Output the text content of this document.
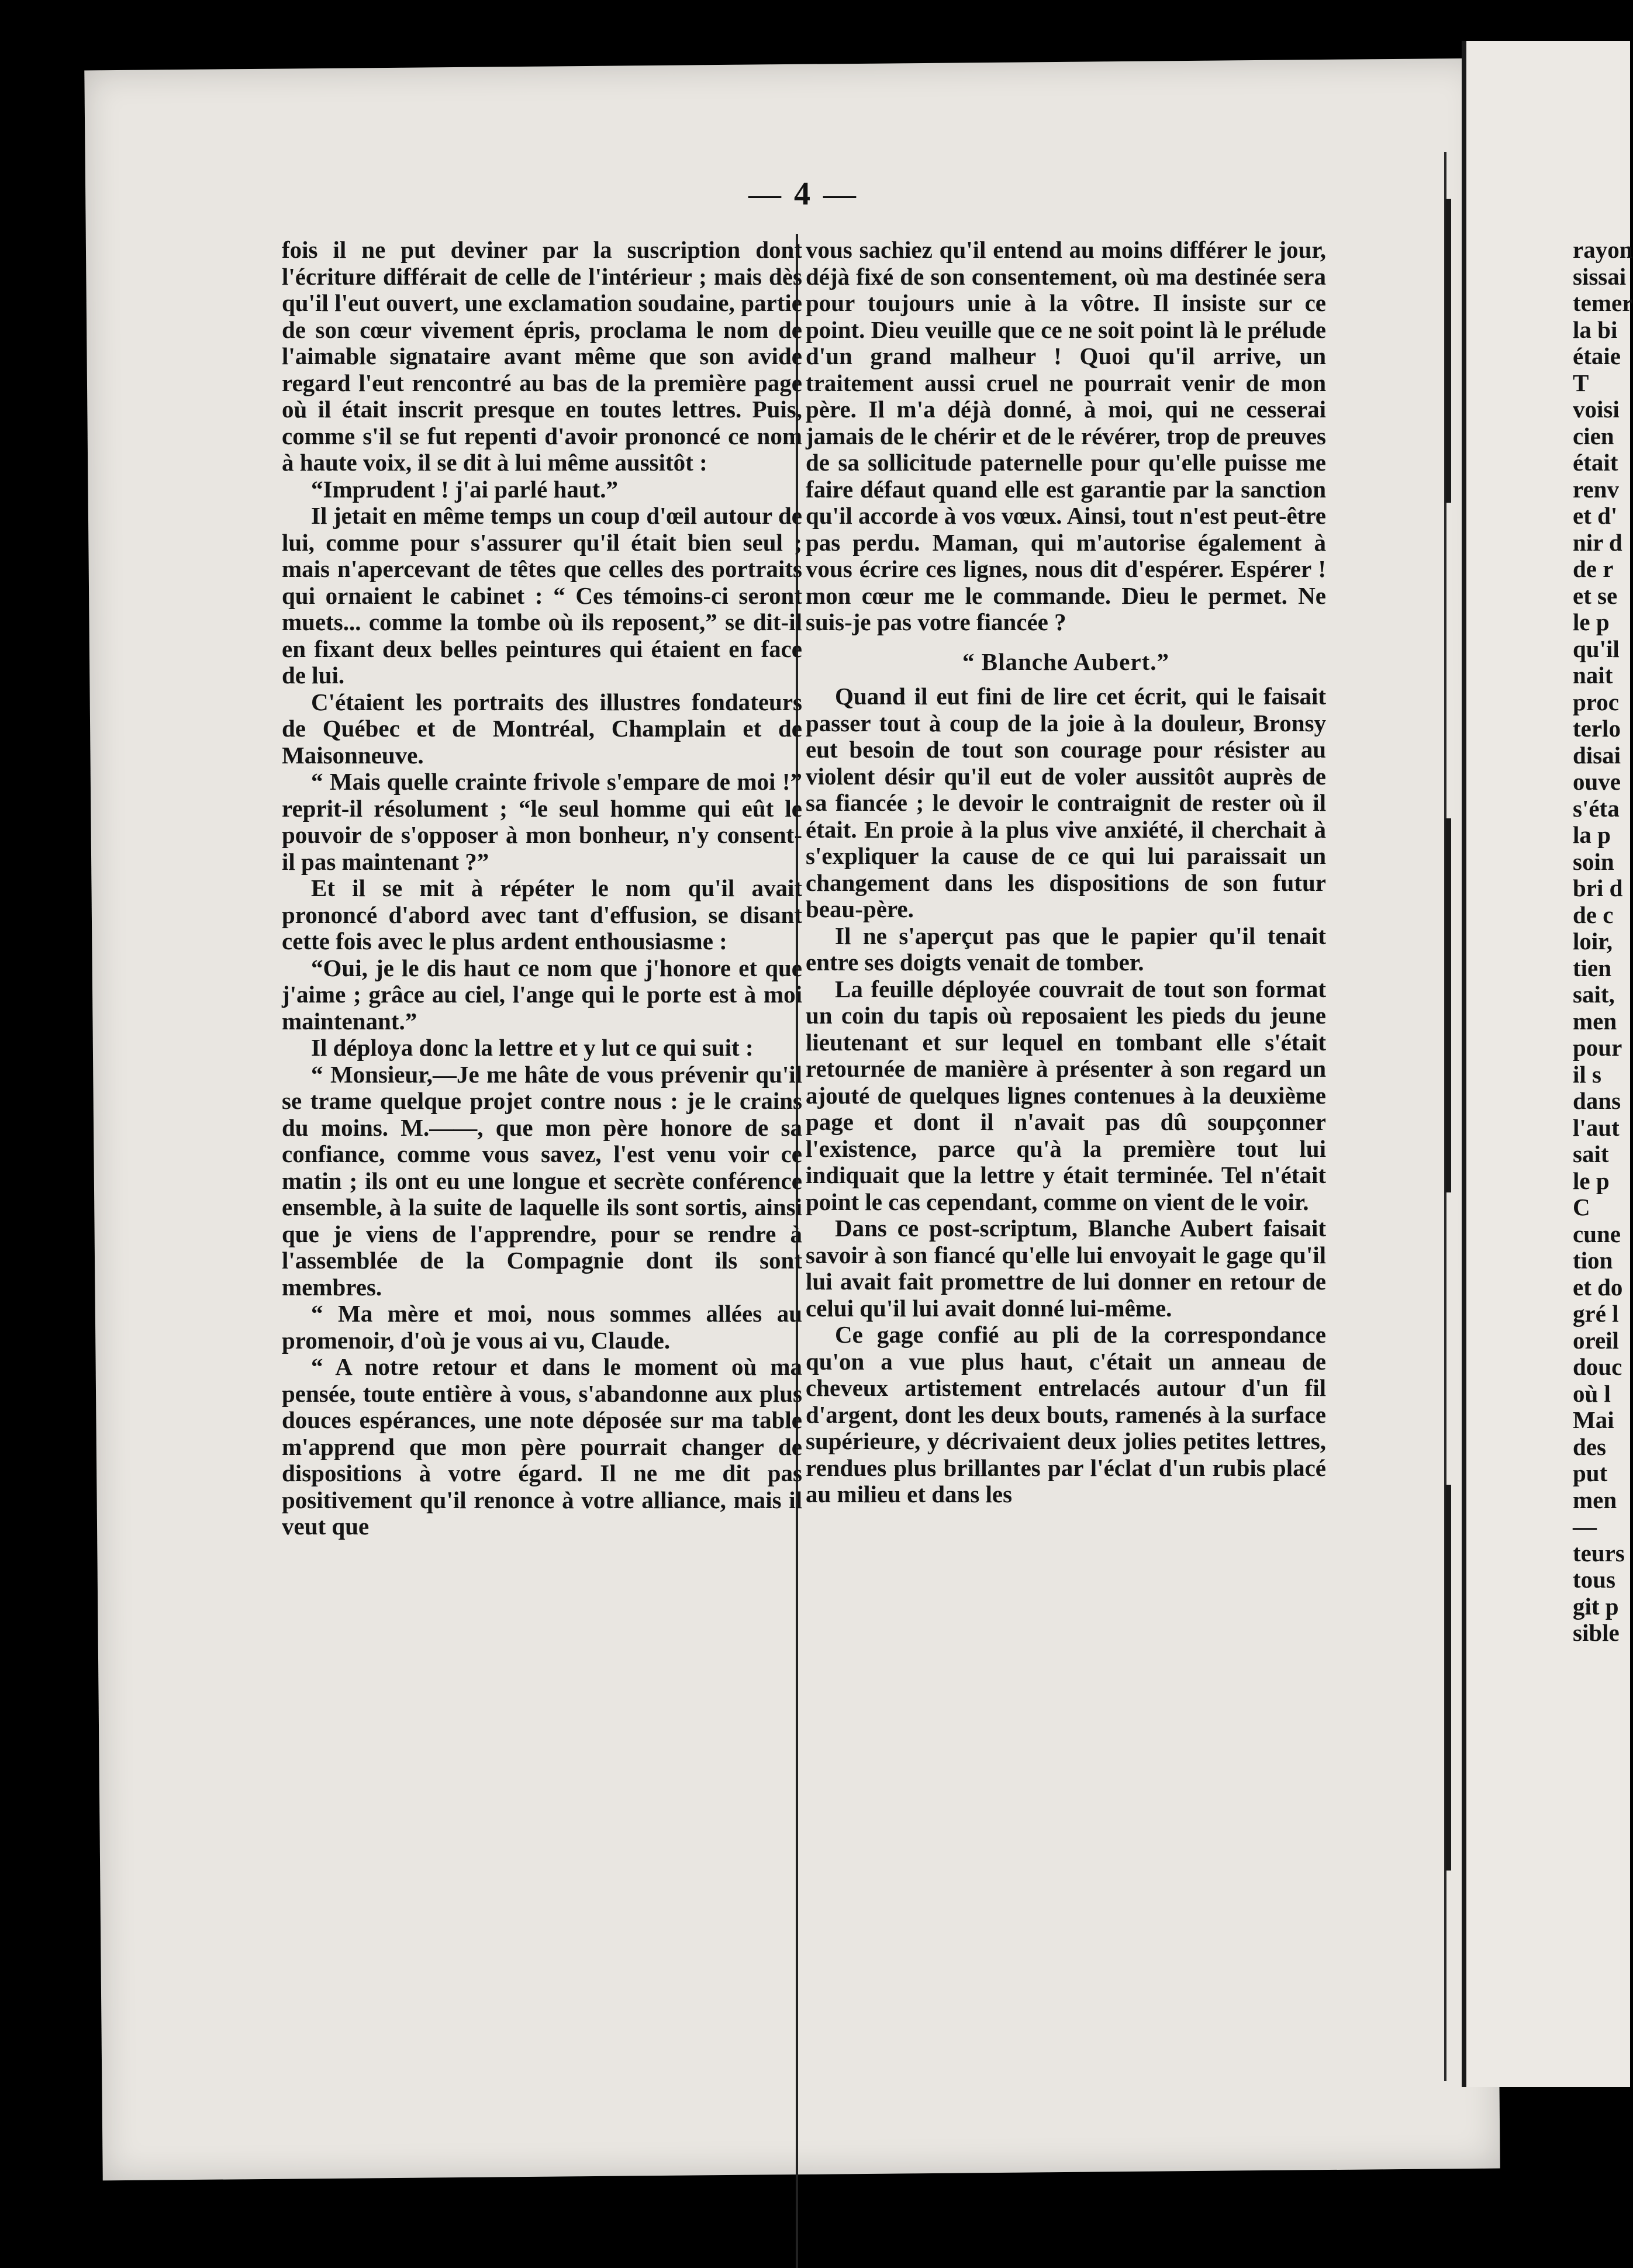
— 4 —

fois il ne put deviner par la suscription dont l'écriture différait de celle de l'intérieur ; mais dès qu'il l'eut ouvert, une exclamation soudaine, partie de son cœur vivement épris, proclama le nom de l'aimable signataire avant même que son avide regard l'eut rencontré au bas de la première page où il était inscrit presque en toutes lettres. Puis, comme s'il se fut repenti d'avoir prononcé ce nom à haute voix, il se dit à lui même aussitôt :

“Imprudent ! j'ai parlé haut.”

Il jetait en même temps un coup d'œil autour de lui, comme pour s'assurer qu'il était bien seul ; mais n'apercevant de têtes que celles des portraits qui ornaient le cabinet : “ Ces témoins-ci seront muets... comme la tombe où ils reposent,” se dit-il en fixant deux belles peintures qui étaient en face de lui.

C'étaient les portraits des illustres fondateurs de Québec et de Montréal, Champlain et de Maisonneuve.

“ Mais quelle crainte frivole s'empare de moi !” reprit-il résolument ; “le seul homme qui eût le pouvoir de s'opposer à mon bonheur, n'y consent-il pas maintenant ?”

Et il se mit à répéter le nom qu'il avait prononcé d'abord avec tant d'effusion, se disant cette fois avec le plus ardent enthousiasme :

“Oui, je le dis haut ce nom que j'honore et que j'aime ; grâce au ciel, l'ange qui le porte est à moi maintenant.”

Il déploya donc la lettre et y lut ce qui suit :

“ Monsieur,—Je me hâte de vous prévenir qu'il se trame quelque projet contre nous : je le crains du moins. M.——, que mon père honore de sa confiance, comme vous savez, l'est venu voir ce matin ; ils ont eu une longue et secrète conférence ensemble, à la suite de laquelle ils sont sortis, ainsi que je viens de l'apprendre, pour se rendre à l'assemblée de la Compagnie dont ils sont membres.

“ Ma mère et moi, nous sommes allées au promenoir, d'où je vous ai vu, Claude.

“ A notre retour et dans le moment où ma pensée, toute entière à vous, s'abandonne aux plus douces espérances, une note déposée sur ma table m'apprend que mon père pourrait changer de dispositions à votre égard. Il ne me dit pas positivement qu'il renonce à votre alliance, mais il veut que

vous sachiez qu'il entend au moins différer le jour, déjà fixé de son consentement, où ma destinée sera pour toujours unie à la vôtre. Il insiste sur ce point. Dieu veuille que ce ne soit point là le prélude d'un grand malheur ! Quoi qu'il arrive, un traitement aussi cruel ne pourrait venir de mon père. Il m'a déjà donné, à moi, qui ne cesserai jamais de le chérir et de le révérer, trop de preuves de sa sollicitude paternelle pour qu'elle puisse me faire défaut quand elle est garantie par la sanction qu'il accorde à vos vœux. Ainsi, tout n'est peut-être pas perdu. Maman, qui m'autorise également à vous écrire ces lignes, nous dit d'espérer. Espérer ! mon cœur me le commande. Dieu le permet. Ne suis-je pas votre fiancée ?

“ Blanche Aubert.”

Quand il eut fini de lire cet écrit, qui le faisait passer tout à coup de la joie à la douleur, Bronsy eut besoin de tout son courage pour résister au violent désir qu'il eut de voler aussitôt auprès de sa fiancée ; le devoir le contraignit de rester où il était. En proie à la plus vive anxiété, il cherchait à s'expliquer la cause de ce qui lui paraissait un changement dans les dispositions de son futur beau-père.

Il ne s'aperçut pas que le papier qu'il tenait entre ses doigts venait de tomber.

La feuille déployée couvrait de tout son format un coin du tapis où reposaient les pieds du jeune lieutenant et sur lequel en tombant elle s'était retournée de manière à présenter à son regard un ajouté de quelques lignes contenues à la deuxième page et dont il n'avait pas dû soupçonner l'existence, parce qu'à la première tout lui indiquait que la lettre y était terminée. Tel n'était point le cas cependant, comme on vient de le voir.

Dans ce post-scriptum, Blanche Aubert faisait savoir à son fiancé qu'elle lui envoyait le gage qu'il lui avait fait promettre de lui donner en retour de celui qu'il lui avait donné lui-même.

Ce gage confié au pli de la correspondance qu'on a vue plus haut, c'était un anneau de cheveux artistement entrelacés autour d'un fil d'argent, dont les deux bouts, ramenés à la surface supérieure, y décrivaient deux jolies petites lettres, rendues plus brillantes par l'éclat d'un rubis placé au milieu et dans les

rayon
sissai
temer
la bi
étaie
T
voisi
cien
était
renv
et d'
nir d
de r
et se
le p
qu'il
nait
proc
terlo
disai
ouve
s'éta
la p
soin
bri d
de c
loir,
tien
sait,
men
pour
il s
dans
l'aut
sait
le p
C
cune
tion
et do
gré l
oreil
douc
où l
Mai
des
put
men
—
teurs
tous
git p
sible
